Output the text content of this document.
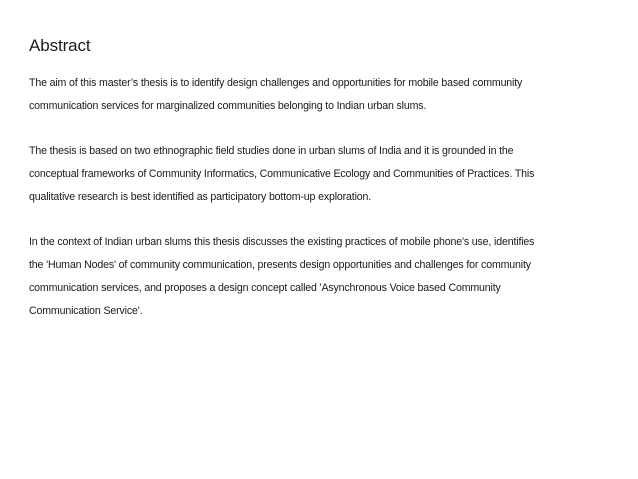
Abstract
The aim of this master’s thesis is to identify design challenges and opportunities for mobile based community
communication services for marginalized communities belonging to Indian urban slums.
The thesis is based on two ethnographic field studies done in urban slums of India and it is grounded in the
conceptual frameworks of Community Informatics, Communicative Ecology and Communities of Practices. This
qualitative research is best identified as participatory bottom-up exploration.
In the context of Indian urban slums this thesis discusses the existing practices of mobile phone's use, identifies
the 'Human Nodes' of community communication, presents design opportunities and challenges for community
communication services, and proposes a design concept called 'Asynchronous Voice based Community
Communication Service'.
